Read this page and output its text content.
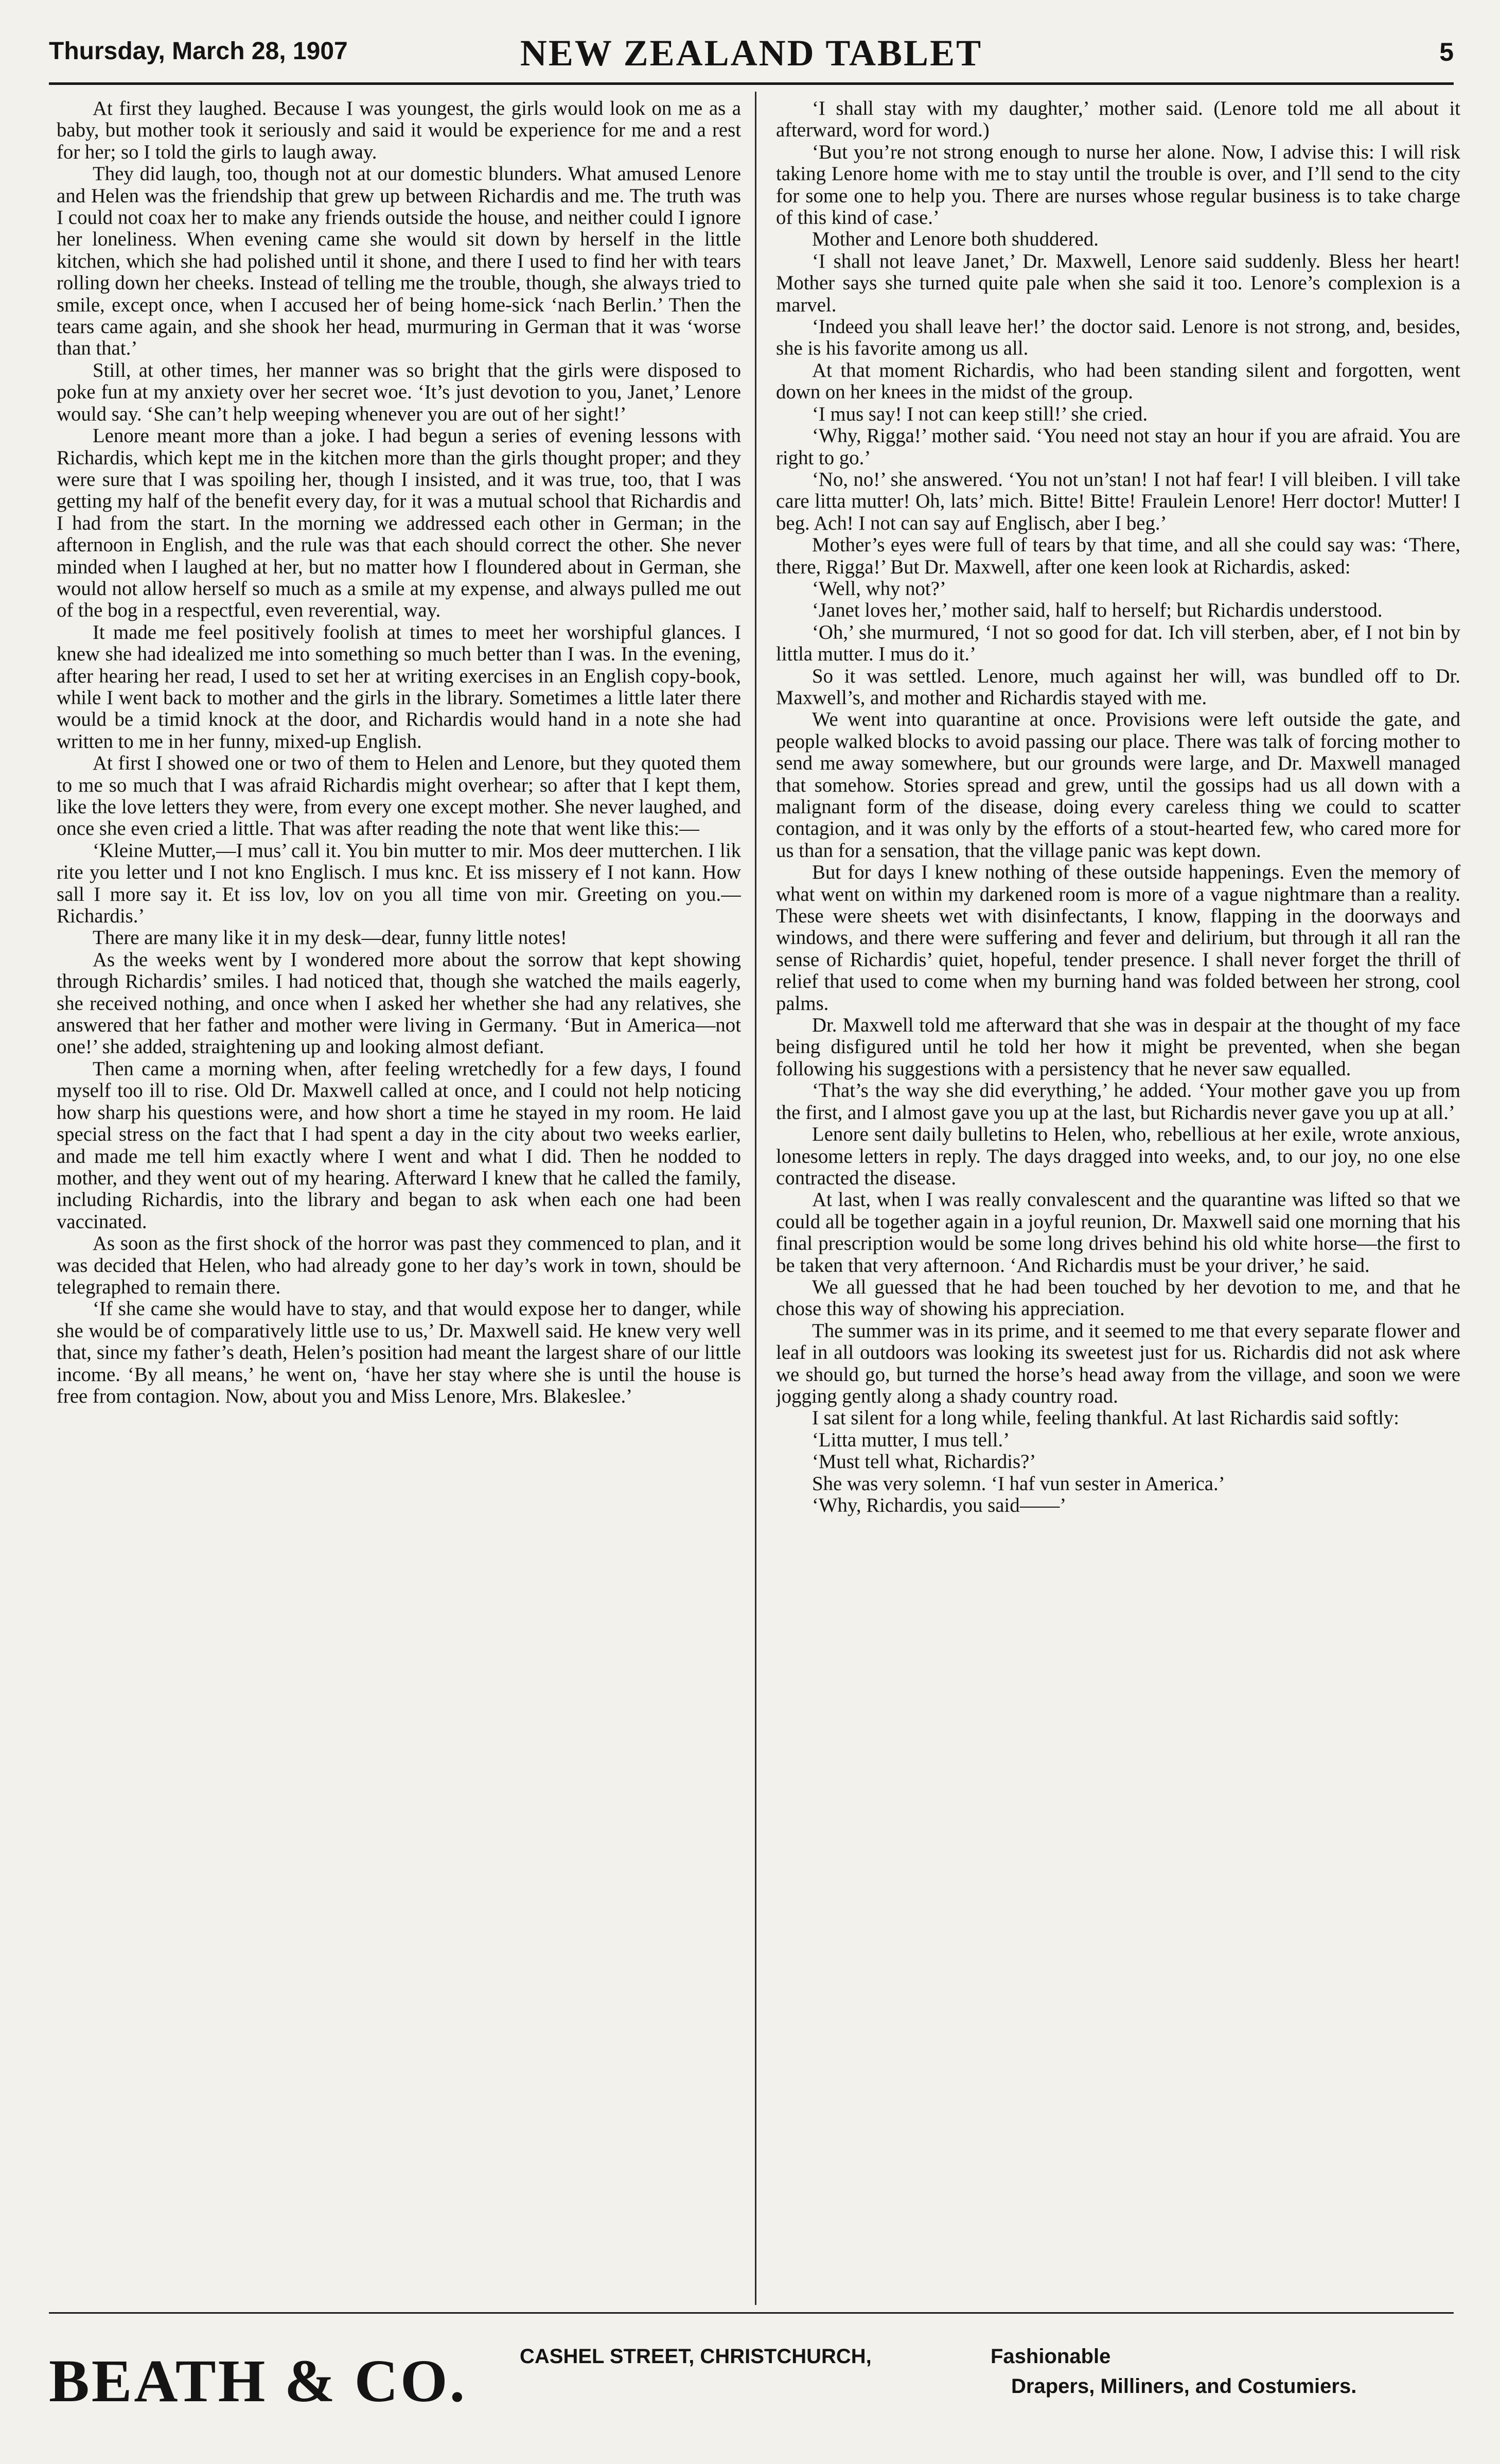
Thursday, March 28, 1907	NEW ZEALAND TABLET	5

At first they laughed. Because I was youngest, the girls would look on me as a baby, but mother took it seriously and said it would be experience for me and a rest for her; so I told the girls to laugh away.

They did laugh, too, though not at our domestic blunders. What amused Lenore and Helen was the friendship that grew up between Richardis and me. The truth was I could not coax her to make any friends outside the house, and neither could I ignore her loneliness. When evening came she would sit down by herself in the little kitchen, which she had polished until it shone, and there I used to find her with tears rolling down her cheeks. Instead of telling me the trouble, though, she always tried to smile, except once, when I accused her of being home-sick ‘nach Berlin.’ Then the tears came again, and she shook her head, murmuring in German that it was ‘worse than that.’

Still, at other times, her manner was so bright that the girls were disposed to poke fun at my anxiety over her secret woe. ‘It’s just devotion to you, Janet,’ Lenore would say. ‘She can’t help weeping whenever you are out of her sight!’

Lenore meant more than a joke. I had begun a series of evening lessons with Richardis, which kept me in the kitchen more than the girls thought proper; and they were sure that I was spoiling her, though I insisted, and it was true, too, that I was getting my half of the benefit every day, for it was a mutual school that Richardis and I had from the start. In the morning we addressed each other in German; in the afternoon in English, and the rule was that each should correct the other. She never minded when I laughed at her, but no matter how I floundered about in German, she would not allow herself so much as a smile at my expense, and always pulled me out of the bog in a respectful, even reverential, way.

It made me feel positively foolish at times to meet her worshipful glances. I knew she had idealized me into something so much better than I was. In the evening, after hearing her read, I used to set her at writing exercises in an English copy-book, while I went back to mother and the girls in the library. Sometimes a little later there would be a timid knock at the door, and Richardis would hand in a note she had written to me in her funny, mixed-up English.

At first I showed one or two of them to Helen and Lenore, but they quoted them to me so much that I was afraid Richardis might overhear; so after that I kept them, like the love letters they were, from every one except mother. She never laughed, and once she even cried a little. That was after reading the note that went like this:—

‘Kleine Mutter,—I mus’ call it. You bin mutter to mir. Mos deer mutterchen. I lik rite you letter und I not kno Englisch. I mus knc. Et iss missery ef I not kann. How sall I more say it. Et iss lov, lov on you all time von mir. Greeting on you.—Richardis.’

There are many like it in my desk—dear, funny little notes!

As the weeks went by I wondered more about the sorrow that kept showing through Richardis’ smiles. I had noticed that, though she watched the mails eagerly, she received nothing, and once when I asked her whether she had any relatives, she answered that her father and mother were living in Germany. ‘But in America—not one!’ she added, straightening up and looking almost defiant.

Then came a morning when, after feeling wretchedly for a few days, I found myself too ill to rise. Old Dr. Maxwell called at once, and I could not help noticing how sharp his questions were, and how short a time he stayed in my room. He laid special stress on the fact that I had spent a day in the city about two weeks earlier, and made me tell him exactly where I went and what I did. Then he nodded to mother, and they went out of my hearing. Afterward I knew that he called the family, including Richardis, into the library and began to ask when each one had been vaccinated.

As soon as the first shock of the horror was past they commenced to plan, and it was decided that Helen, who had already gone to her day’s work in town, should be telegraphed to remain there.

‘If she came she would have to stay, and that would expose her to danger, while she would be of comparatively little use to us,’ Dr. Maxwell said. He knew very well that, since my father’s death, Helen’s position had meant the largest share of our little income. ‘By all means,’ he went on, ‘have her stay where she is until the house is free from contagion. Now, about you and Miss Lenore, Mrs. Blakeslee.’

‘I shall stay with my daughter,’ mother said. (Lenore told me all about it afterward, word for word.)

‘But you’re not strong enough to nurse her alone. Now, I advise this: I will risk taking Lenore home with me to stay until the trouble is over, and I’ll send to the city for some one to help you. There are nurses whose regular business is to take charge of this kind of case.’

Mother and Lenore both shuddered.

‘I shall not leave Janet,’ Dr. Maxwell, Lenore said suddenly. Bless her heart! Mother says she turned quite pale when she said it too. Lenore’s complexion is a marvel.

‘Indeed you shall leave her!’ the doctor said. Lenore is not strong, and, besides, she is his favorite among us all.

At that moment Richardis, who had been standing silent and forgotten, went down on her knees in the midst of the group.

‘I mus say! I not can keep still!’ she cried.

‘Why, Rigga!’ mother said. ‘You need not stay an hour if you are afraid. You are right to go.’

‘No, no!’ she answered. ‘You not un’stan! I not haf fear! I vill bleiben. I vill take care litta mutter! Oh, lats’ mich. Bitte! Bitte! Fraulein Lenore! Herr doctor! Mutter! I beg. Ach! I not can say auf Englisch, aber I beg.’

Mother’s eyes were full of tears by that time, and all she could say was: ‘There, there, Rigga!’ But Dr. Maxwell, after one keen look at Richardis, asked:

‘Well, why not?’

‘Janet loves her,’ mother said, half to herself; but Richardis understood.

‘Oh,’ she murmured, ‘I not so good for dat. Ich vill sterben, aber, ef I not bin by littla mutter. I mus do it.’

So it was settled. Lenore, much against her will, was bundled off to Dr. Maxwell’s, and mother and Richardis stayed with me.

We went into quarantine at once. Provisions were left outside the gate, and people walked blocks to avoid passing our place. There was talk of forcing mother to send me away somewhere, but our grounds were large, and Dr. Maxwell managed that somehow. Stories spread and grew, until the gossips had us all down with a malignant form of the disease, doing every careless thing we could to scatter contagion, and it was only by the efforts of a stout-hearted few, who cared more for us than for a sensation, that the village panic was kept down.

But for days I knew nothing of these outside happenings. Even the memory of what went on within my darkened room is more of a vague nightmare than a reality. These were sheets wet with disinfectants, I know, flapping in the doorways and windows, and there were suffering and fever and delirium, but through it all ran the sense of Richardis’ quiet, hopeful, tender presence. I shall never forget the thrill of relief that used to come when my burning hand was folded between her strong, cool palms.

Dr. Maxwell told me afterward that she was in despair at the thought of my face being disfigured until he told her how it might be prevented, when she began following his suggestions with a persistency that he never saw equalled.

‘That’s the way she did everything,’ he added. ‘Your mother gave you up from the first, and I almost gave you up at the last, but Richardis never gave you up at all.’

Lenore sent daily bulletins to Helen, who, rebellious at her exile, wrote anxious, lonesome letters in reply. The days dragged into weeks, and, to our joy, no one else contracted the disease.

At last, when I was really convalescent and the quarantine was lifted so that we could all be together again in a joyful reunion, Dr. Maxwell said one morning that his final prescription would be some long drives behind his old white horse—the first to be taken that very afternoon. ‘And Richardis must be your driver,’ he said.

We all guessed that he had been touched by her devotion to me, and that he chose this way of showing his appreciation.

The summer was in its prime, and it seemed to me that every separate flower and leaf in all outdoors was looking its sweetest just for us. Richardis did not ask where we should go, but turned the horse’s head away from the village, and soon we were jogging gently along a shady country road.

I sat silent for a long while, feeling thankful. At last Richardis said softly:

‘Litta mutter, I mus tell.’

‘Must tell what, Richardis?’

She was very solemn. ‘I haf vun sester in America.’

‘Why, Richardis, you said——’

BEATH & CO.	CASHEL STREET, CHRISTCHURCH,	Fashionable
Drapers, Milliners, and Costumiers.
